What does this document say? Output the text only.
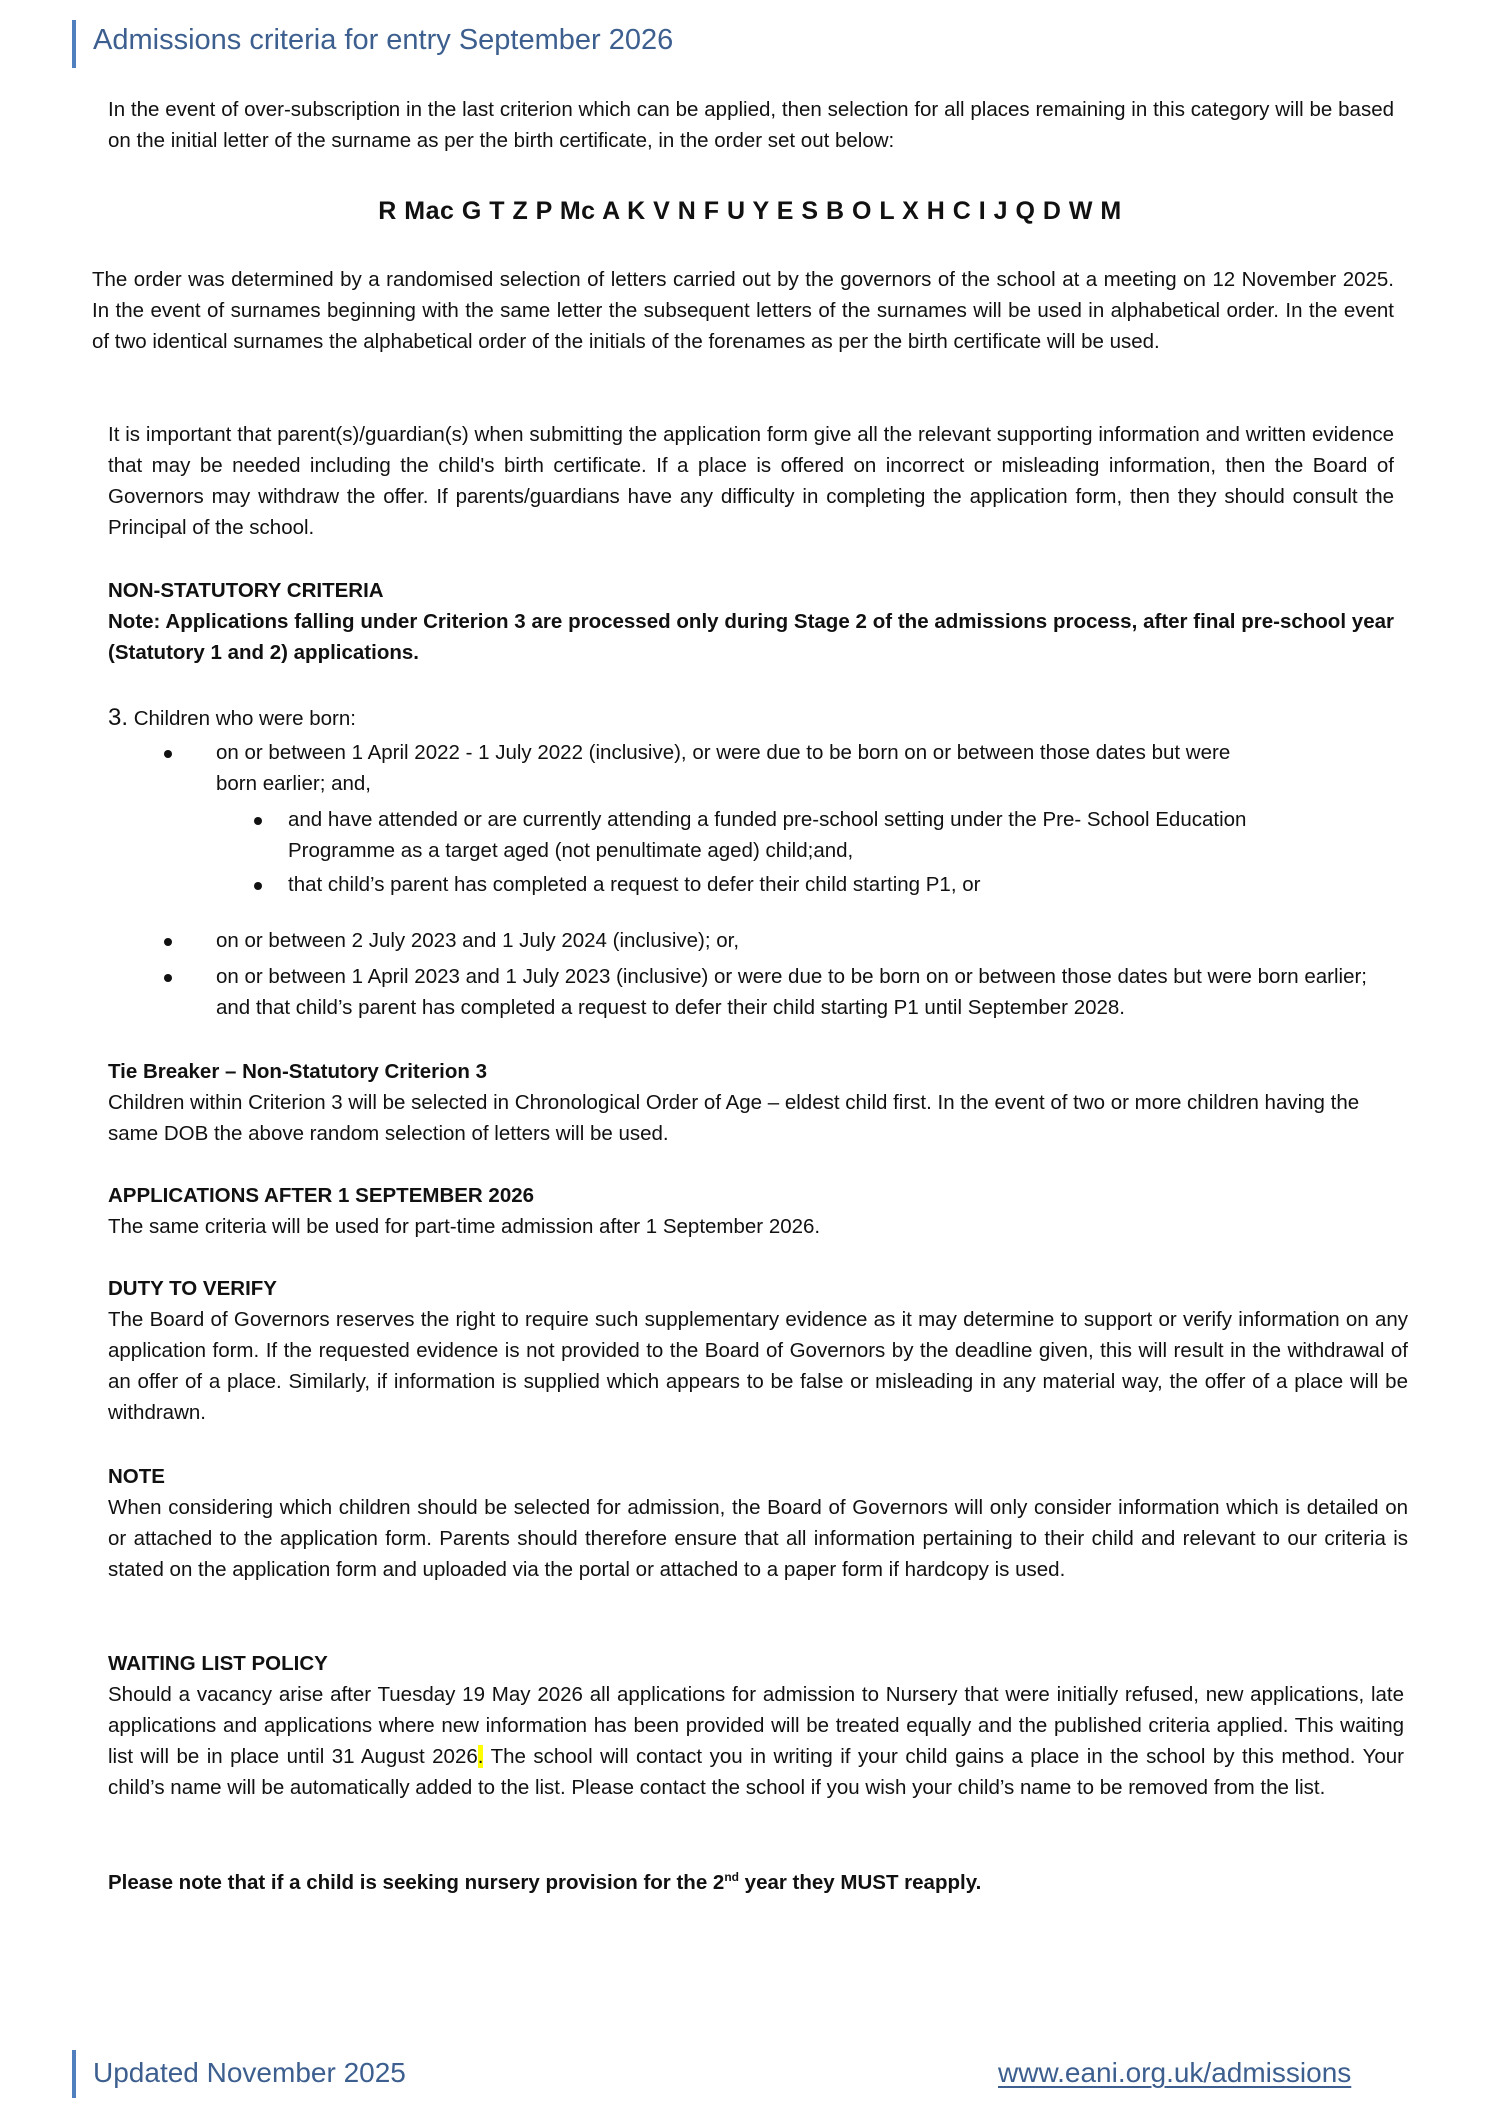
Admissions criteria for entry September 2026
In the event of over-subscription in the last criterion which can be applied, then selection for all places remaining in this category will be based on the initial letter of the surname as per the birth certificate, in the order set out below:
R Mac G T Z P Mc A K V N F U Y E S B O L X H C I J Q D W M
The order was determined by a randomised selection of letters carried out by the governors of the school at a meeting on 12 November 2025. In the event of surnames beginning with the same letter the subsequent letters of the surnames will be used in alphabetical order. In the event of two identical surnames the alphabetical order of the initials of the forenames as per the birth certificate will be used.
It is important that parent(s)/guardian(s) when submitting the application form give all the relevant supporting information and written evidence that may be needed including the child's birth certificate. If a place is offered on incorrect or misleading information, then the Board of Governors may withdraw the offer. If parents/guardians have any difficulty in completing the application form, then they should consult the Principal of the school.
NON-STATUTORY CRITERIA
Note: Applications falling under Criterion 3 are processed only during Stage 2 of the admissions process, after final pre-school year (Statutory 1 and 2) applications.
3. Children who were born:
on or between 1 April 2022 - 1 July 2022 (inclusive), or were due to be born on or between those dates but were born earlier; and,
and have attended or are currently attending a funded pre-school setting under the Pre- School Education Programme as a target aged (not penultimate aged) child;and,
that child’s parent has completed a request to defer their child starting P1, or
on or between 2 July 2023 and 1 July 2024 (inclusive); or,
on or between 1 April 2023 and 1 July 2023 (inclusive) or were due to be born on or between those dates but were born earlier; and that child’s parent has completed a request to defer their child starting P1 until September 2028.
Tie Breaker – Non-Statutory Criterion 3
Children within Criterion 3 will be selected in Chronological Order of Age – eldest child first. In the event of two or more children having the same DOB the above random selection of letters will be used.
APPLICATIONS AFTER 1 SEPTEMBER 2026
The same criteria will be used for part-time admission after 1 September 2026.
DUTY TO VERIFY
The Board of Governors reserves the right to require such supplementary evidence as it may determine to support or verify information on any application form. If the requested evidence is not provided to the Board of Governors by the deadline given, this will result in the withdrawal of an offer of a place. Similarly, if information is supplied which appears to be false or misleading in any material way, the offer of a place will be withdrawn.
NOTE
When considering which children should be selected for admission, the Board of Governors will only consider information which is detailed on or attached to the application form. Parents should therefore ensure that all information pertaining to their child and relevant to our criteria is stated on the application form and uploaded via the portal or attached to a paper form if hardcopy is used.
WAITING LIST POLICY
Should a vacancy arise after Tuesday 19 May 2026 all applications for admission to Nursery that were initially refused, new applications, late applications and applications where new information has been provided will be treated equally and the published criteria applied. This waiting list will be in place until 31 August 2026. The school will contact you in writing if your child gains a place in the school by this method. Your child’s name will be automatically added to the list. Please contact the school if you wish your child’s name to be removed from the list.
Please note that if a child is seeking nursery provision for the 2nd year they MUST reapply.
Updated November 2025	www.eani.org.uk/admissions
